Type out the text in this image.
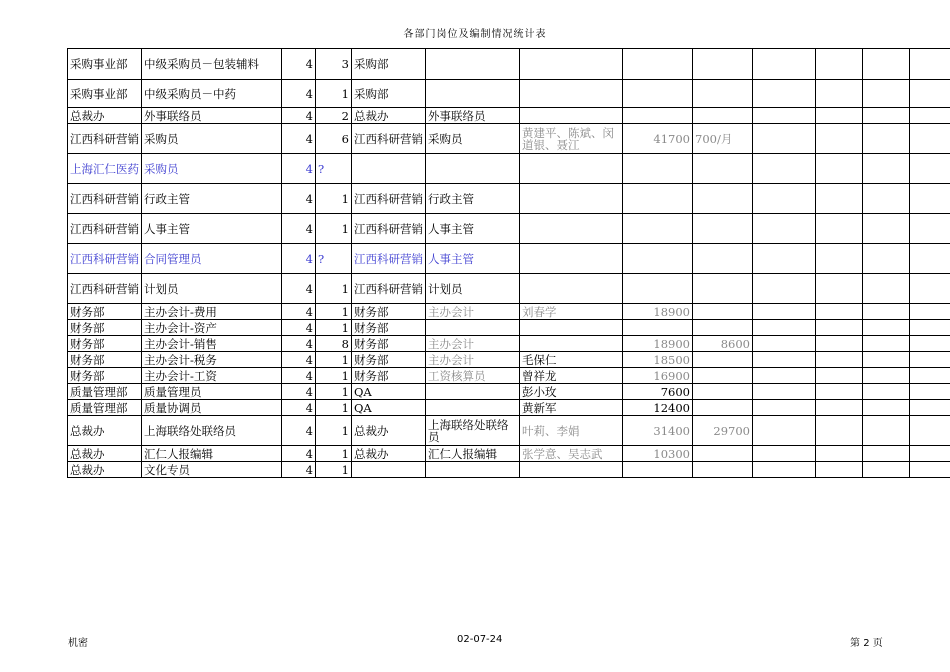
各部门岗位及编制情况统计表
采购事业部	中级采购员－包装辅料	4	3	采购部								
采购事业部	中级采购员－中药	4	1	采购部								
总裁办	外事联络员	4	2	总裁办	外事联络员							
江西科研营销	采购员	4	6	江西科研营销	采购员	黄建平、陈斌、闵道银、聂江	41700	700/月				
上海汇仁医药	采购员	4	?									
江西科研营销	行政主管	4	1	江西科研营销	行政主管							
江西科研营销	人事主管	4	1	江西科研营销	人事主管							
江西科研营销	合同管理员	4	?	江西科研营销	人事主管							
江西科研营销	计划员	4	1	江西科研营销	计划员							
财务部	主办会计-费用	4	1	财务部	主办会计	刘春学	18900					
财务部	主办会计-资产	4	1	财务部								
财务部	主办会计-销售	4	8	财务部	主办会计		18900	8600				
财务部	主办会计-税务	4	1	财务部	主办会计	毛保仁	18500					
财务部	主办会计-工资	4	1	财务部	工资核算员	曾祥龙	16900					
质量管理部	质量管理员	4	1	QA		彭小玫	7600					
质量管理部	质量协调员	4	1	QA		黄新军	12400					
总裁办	上海联络处联络员	4	1	总裁办	上海联络处联络员	叶莉、李娟	31400	29700				
总裁办	汇仁人报编辑	4	1	总裁办	汇仁人报编辑	张学意、吴志武	10300					
总裁办	文化专员	4	1									
机密	02-07-24	第 2 页
